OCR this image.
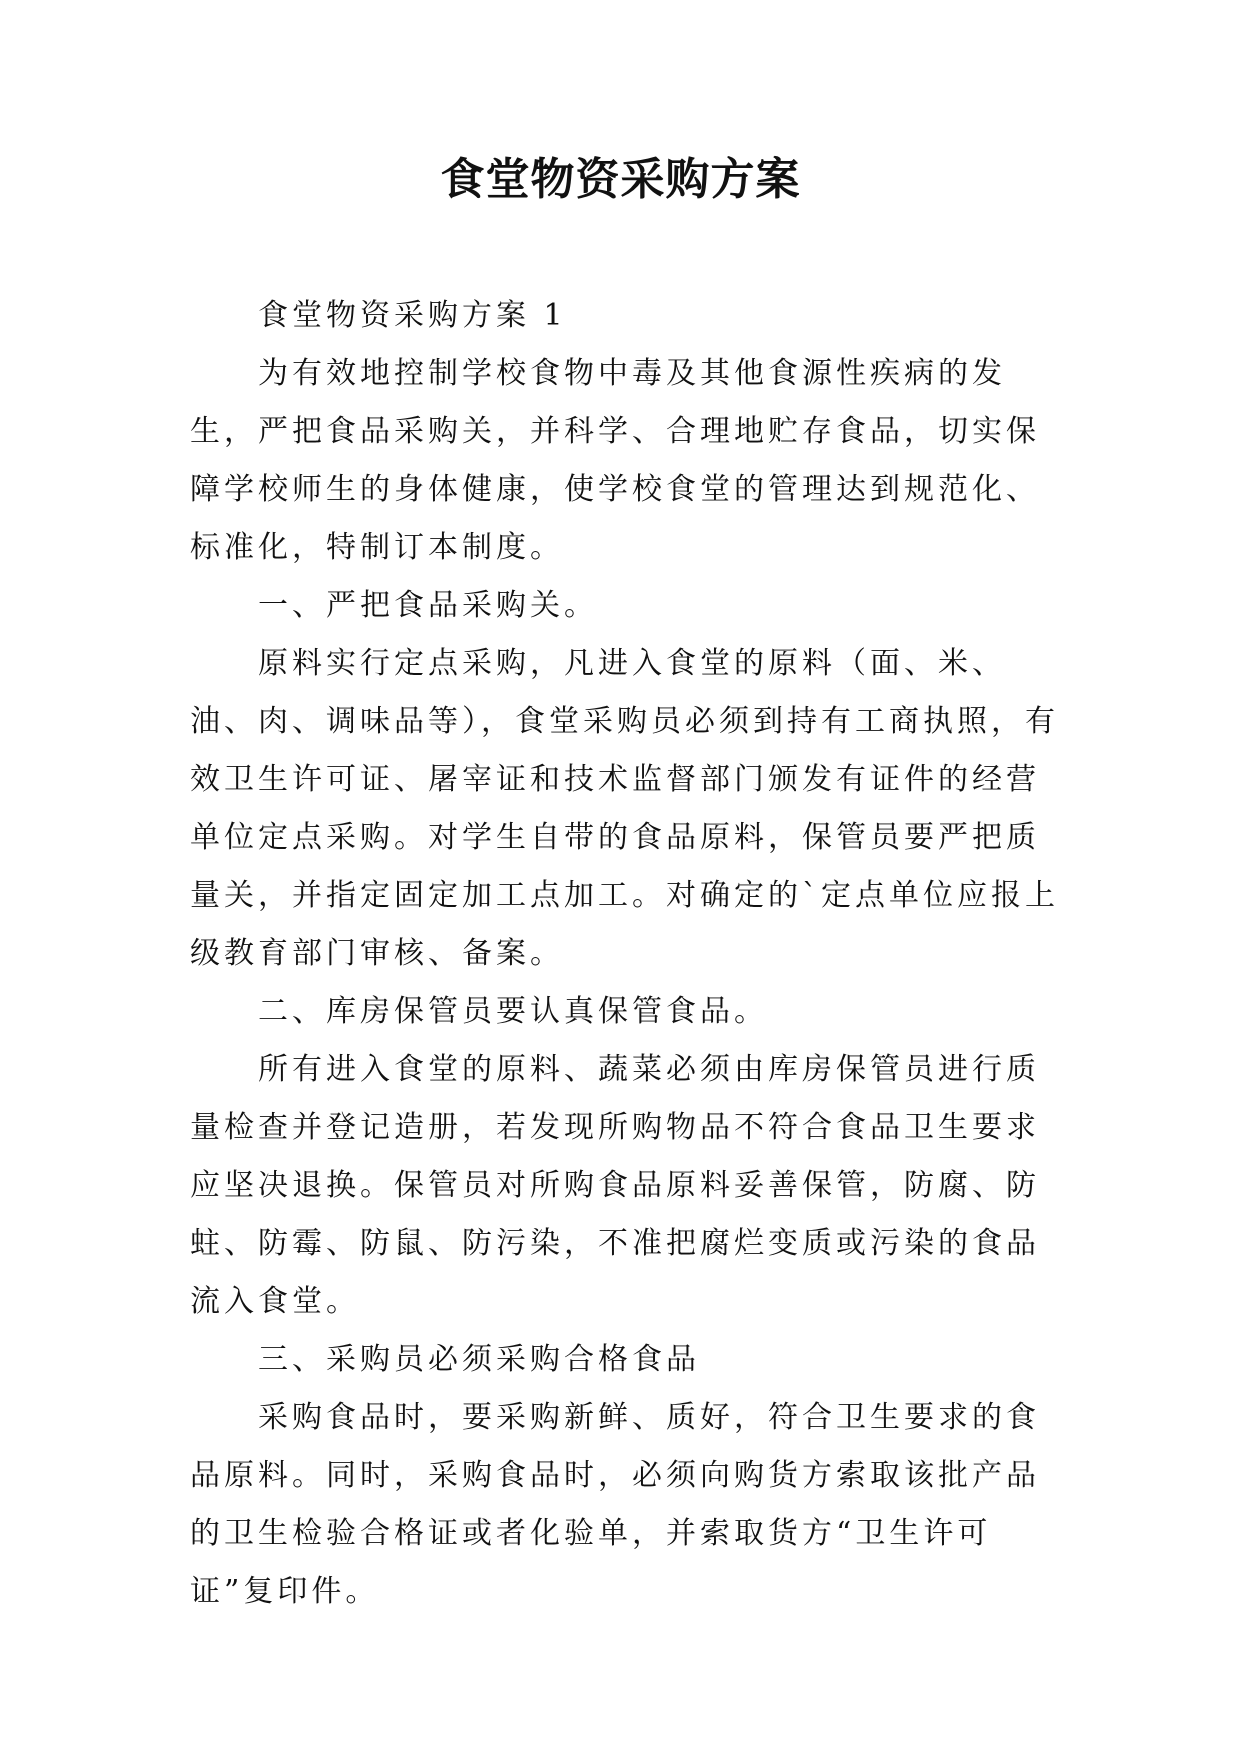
食堂物资采购方案

食堂物资采购方案 1

为有效地控制学校食物中毒及其他食源性疾病的发生，严把食品采购关，并科学、合理地贮存食品，切实保障学校师生的身体健康，使学校食堂的管理达到规范化、标准化，特制订本制度。

一、严把食品采购关。

原料实行定点采购，凡进入食堂的原料（面、米、油、肉、调味品等），食堂采购员必须到持有工商执照，有效卫生许可证、屠宰证和技术监督部门颁发有证件的经营单位定点采购。对学生自带的食品原料，保管员要严把质量关，并指定固定加工点加工。对确定的`定点单位应报上级教育部门审核、备案。

二、库房保管员要认真保管食品。

所有进入食堂的原料、蔬菜必须由库房保管员进行质量检查并登记造册，若发现所购物品不符合食品卫生要求应坚决退换。保管员对所购食品原料妥善保管，防腐、防蛀、防霉、防鼠、防污染，不准把腐烂变质或污染的食品流入食堂。

三、采购员必须采购合格食品

采购食品时，要采购新鲜、质好，符合卫生要求的食品原料。同时，采购食品时，必须向购货方索取该批产品的卫生检验合格证或者化验单，并索取货方“卫生许可证”复印件。
